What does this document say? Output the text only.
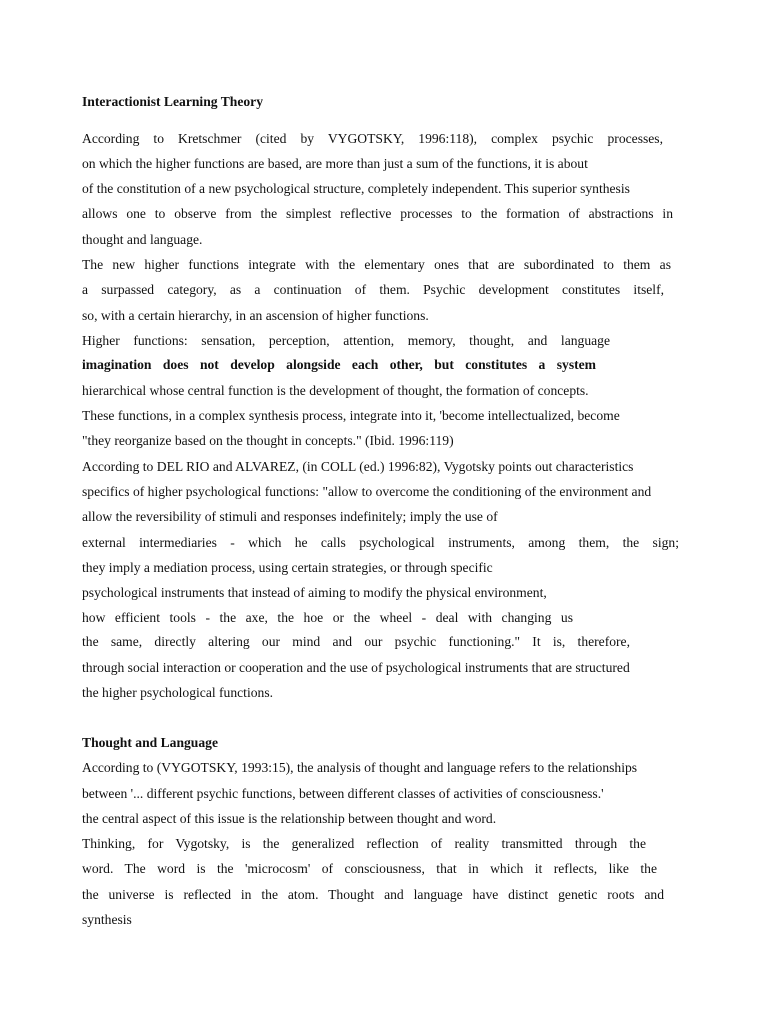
Interactionist Learning Theory
According to Kretschmer (cited by VYGOTSKY, 1996:118), complex psychic processes,
on which the higher functions are based, are more than just a sum of the functions, it is about
of the constitution of a new psychological structure, completely independent. This superior synthesis
allows one to observe from the simplest reflective processes to the formation of abstractions in
thought and language.
The new higher functions integrate with the elementary ones that are subordinated to them as
a surpassed category, as a continuation of them. Psychic development constitutes itself,
so, with a certain hierarchy, in an ascension of higher functions.
Higher functions: sensation, perception, attention, memory, thought, and language
imagination does not develop alongside each other, but constitutes a system
hierarchical whose central function is the development of thought, the formation of concepts.
These functions, in a complex synthesis process, integrate into it, 'become intellectualized, become
"they reorganize based on the thought in concepts." (Ibid. 1996:119)
According to DEL RIO and ALVAREZ, (in COLL (ed.) 1996:82), Vygotsky points out characteristics
specifics of higher psychological functions: "allow to overcome the conditioning of the environment and
allow the reversibility of stimuli and responses indefinitely; imply the use of
external intermediaries - which he calls psychological instruments, among them, the sign;
they imply a mediation process, using certain strategies, or through specific
psychological instruments that instead of aiming to modify the physical environment,
how efficient tools - the axe, the hoe or the wheel - deal with changing us
the same, directly altering our mind and our psychic functioning." It is, therefore,
through social interaction or cooperation and the use of psychological instruments that are structured
the higher psychological functions.
Thought and Language
According to (VYGOTSKY, 1993:15), the analysis of thought and language refers to the relationships
between '... different psychic functions, between different classes of activities of consciousness.'
the central aspect of this issue is the relationship between thought and word.
Thinking, for Vygotsky, is the generalized reflection of reality transmitted through the
word. The word is the 'microcosm' of consciousness, that in which it reflects, like the
the universe is reflected in the atom. Thought and language have distinct genetic roots and
synthesis
